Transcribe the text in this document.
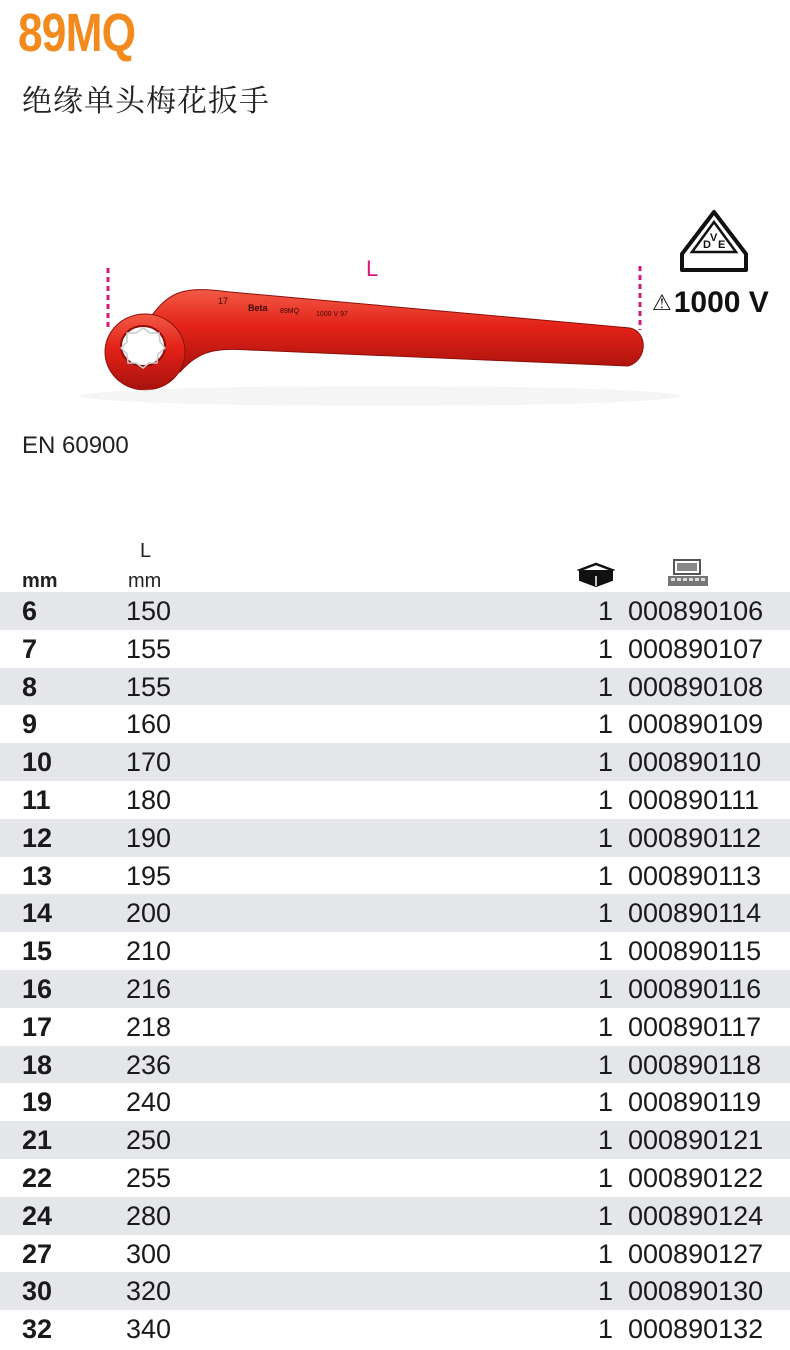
89MQ
绝缘单头梅花扳手
17
Beta 89MQ 1000 V 97
L
D
V
E
⚠1000 V
EN 60900
L
mm	mm
6	150	1 000890106
7	155	1 000890107
8	155	1 000890108
9	160	1 000890109
10	170	1 000890110
11	180	1 000890111
12	190	1 000890112
13	195	1 000890113
14	200	1 000890114
15	210	1 000890115
16	216	1 000890116
17	218	1 000890117
18	236	1 000890118
19	240	1 000890119
21	250	1 000890121
22	255	1 000890122
24	280	1 000890124
27	300	1 000890127
30	320	1 000890130
32	340	1 000890132
